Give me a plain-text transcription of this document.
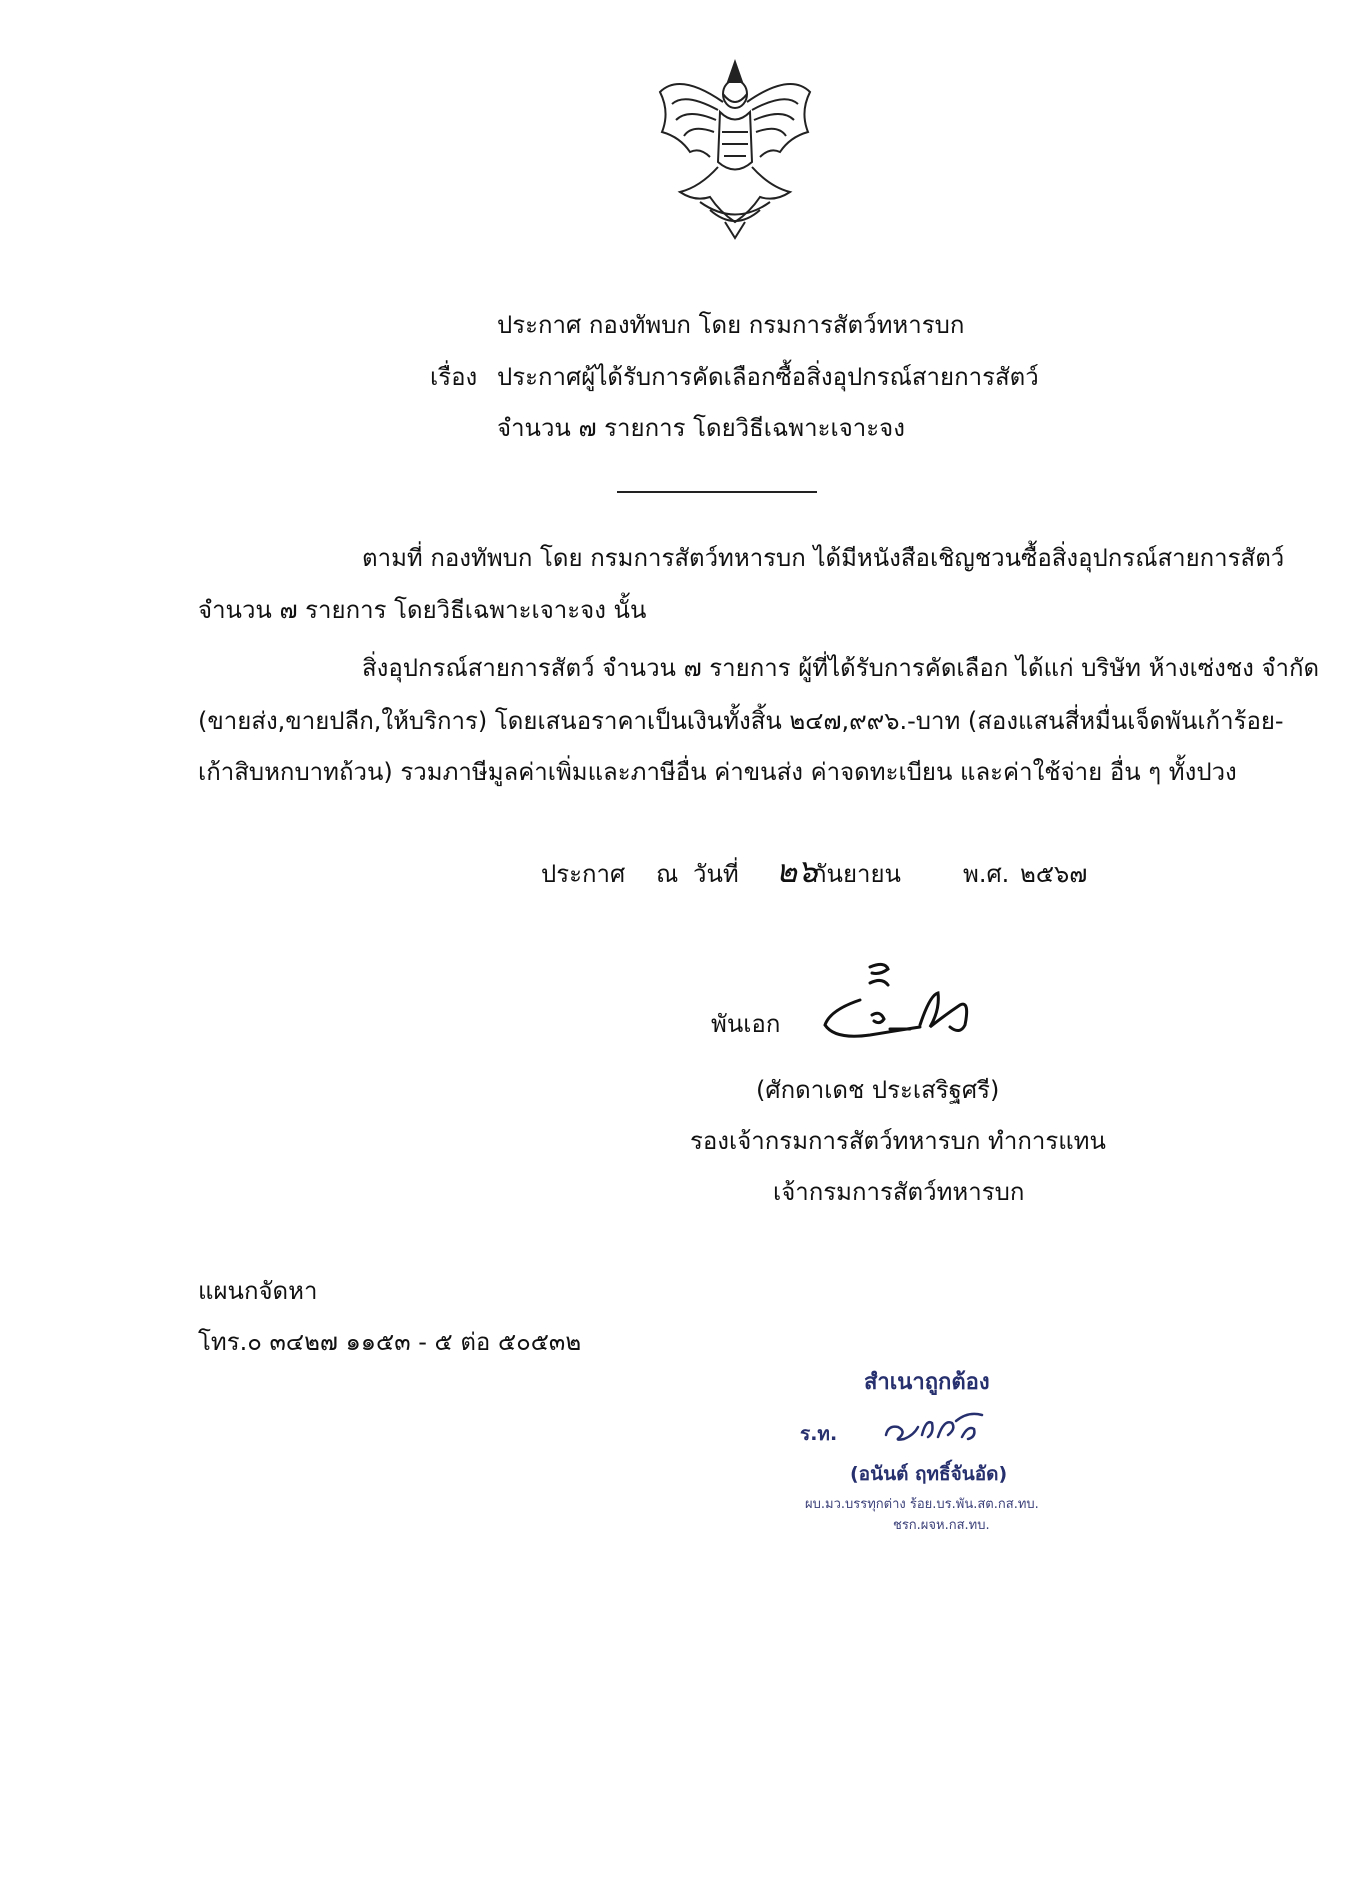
ประกาศ กองทัพบก โดย กรมการสัตว์ทหารบก
เรื่อง ประกาศผู้ได้รับการคัดเลือกซื้อสิ่งอุปกรณ์สายการสัตว์
จำนวน ๗ รายการ โดยวิธีเฉพาะเจาะจง
ตามที่ กองทัพบก โดย กรมการสัตว์ทหารบก ได้มีหนังสือเชิญชวนซื้อสิ่งอุปกรณ์สายการสัตว์
จำนวน ๗ รายการ โดยวิธีเฉพาะเจาะจง นั้น
สิ่งอุปกรณ์สายการสัตว์ จำนวน ๗ รายการ ผู้ที่ได้รับการคัดเลือก ได้แก่ บริษัท ห้างเซ่งชง จำกัด
(ขายส่ง,ขายปลีก,ให้บริการ) โดยเสนอราคาเป็นเงินทั้งสิ้น ๒๔๗,๙๙๖.-บาท (สองแสนสี่หมื่นเจ็ดพันเก้าร้อย-
เก้าสิบหกบาทถ้วน) รวมภาษีมูลค่าเพิ่มและภาษีอื่น ค่าขนส่ง ค่าจดทะเบียน และค่าใช้จ่าย อื่น ๆ ทั้งปวง
ประกาศ ณ วันที่ ๒๖
กันยายน	พ.ศ. ๒๕๖๗
พันเอก
(ศักดาเดช ประเสริฐศรี)
รองเจ้ากรมการสัตว์ทหารบก ทำการแทน
เจ้ากรมการสัตว์ทหารบก
แผนกจัดหา
โทร.๐ ๓๔๒๗ ๑๑๕๓ - ๕ ต่อ ๕๐๕๓๒
สำเนาถูกต้อง
ร.ท.
(อนันต์ ฤทธิ์จันอัด)
ผบ.มว.บรรทุกต่าง ร้อย.บร.พัน.สต.กส.ทบ.
ชรก.ผจห.กส.ทบ.
